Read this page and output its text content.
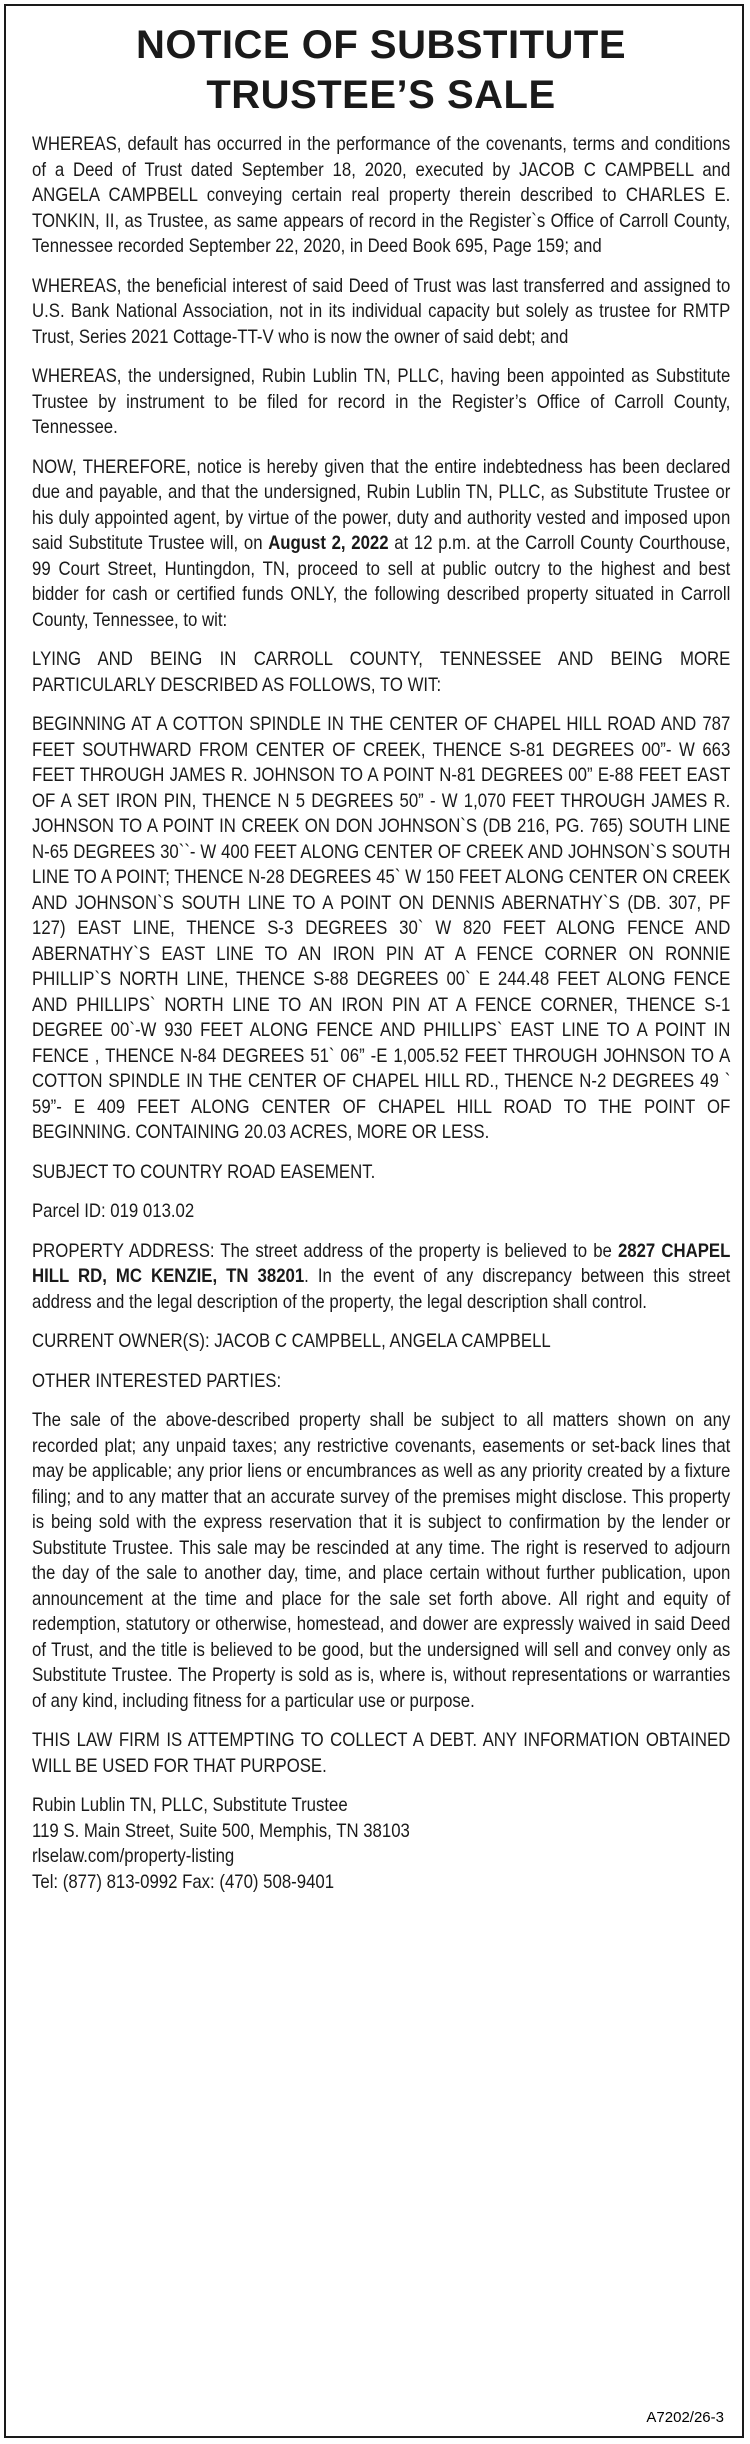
NOTICE OF SUBSTITUTE
TRUSTEE’S SALE

WHEREAS, default has occurred in the performance of the covenants, terms and conditions of a Deed of Trust dated September 18, 2020, executed by JACOB C CAMPBELL and ANGELA CAMPBELL conveying certain real property therein described to CHARLES E. TONKIN, II, as Trustee, as same appears of record in the Register`s Office of Carroll County, Tennessee recorded September 22, 2020, in Deed Book 695, Page 159; and

WHEREAS, the beneficial interest of said Deed of Trust was last transferred and assigned to U.S. Bank National Association, not in its individual capacity but solely as trustee for RMTP Trust, Series 2021 Cottage-TT-V who is now the owner of said debt; and

WHEREAS, the undersigned, Rubin Lublin TN, PLLC, having been appointed as Substitute Trustee by instrument to be filed for record in the Register’s Office of Carroll County, Tennessee.

NOW, THEREFORE, notice is hereby given that the entire indebtedness has been declared due and payable, and that the undersigned, Rubin Lublin TN, PLLC, as Substitute Trustee or his duly appointed agent, by virtue of the power, duty and authority vested and imposed upon said Substitute Trustee will, on August 2, 2022 at 12 p.m. at the Carroll County Courthouse, 99 Court Street, Huntingdon, TN, proceed to sell at public outcry to the highest and best bidder for cash or certified funds ONLY, the following described property situated in Carroll County, Tennessee, to wit:

LYING AND BEING IN CARROLL COUNTY, TENNESSEE AND BEING MORE PARTICULARLY DESCRIBED AS FOLLOWS, TO WIT:

BEGINNING AT A COTTON SPINDLE IN THE CENTER OF CHAPEL HILL ROAD AND 787 FEET SOUTHWARD FROM CENTER OF CREEK, THENCE S-81 DEGREES 00”- W 663 FEET THROUGH JAMES R. JOHNSON TO A POINT N-81 DEGREES 00” E-88 FEET EAST OF A SET IRON PIN, THENCE N 5 DEGREES 50” - W 1,070 FEET THROUGH JAMES R. JOHNSON TO A POINT IN CREEK ON DON JOHNSON`S (DB 216, PG. 765) SOUTH LINE N-65 DEGREES 30``- W 400 FEET ALONG CENTER OF CREEK AND JOHNSON`S SOUTH LINE TO A POINT; THENCE N-28 DEGREES 45` W 150 FEET ALONG CENTER ON CREEK AND JOHNSON`S SOUTH LINE TO A POINT ON DENNIS ABERNATHY`S (DB. 307, PF 127) EAST LINE, THENCE S-3 DEGREES 30` W 820 FEET ALONG FENCE AND ABERNATHY`S EAST LINE TO AN IRON PIN AT A FENCE CORNER ON RONNIE PHILLIP`S NORTH LINE, THENCE S-88 DEGREES 00` E 244.48 FEET ALONG FENCE AND PHILLIPS` NORTH LINE TO AN IRON PIN AT A FENCE CORNER, THENCE S-1 DEGREE 00`-W 930 FEET ALONG FENCE AND PHILLIPS` EAST LINE TO A POINT IN FENCE , THENCE N-84 DEGREES 51` 06” -E 1,005.52 FEET THROUGH JOHNSON TO A COTTON SPINDLE IN THE CENTER OF CHAPEL HILL RD., THENCE N-2 DEGREES 49 ` 59”- E 409 FEET ALONG CENTER OF CHAPEL HILL ROAD TO THE POINT OF BEGINNING. CONTAINING 20.03 ACRES, MORE OR LESS.

SUBJECT TO COUNTRY ROAD EASEMENT.

Parcel ID: 019 013.02

PROPERTY ADDRESS: The street address of the property is believed to be 2827 CHAPEL HILL RD, MC KENZIE, TN 38201. In the event of any discrepancy between this street address and the legal description of the property, the legal description shall control.

CURRENT OWNER(S): JACOB C CAMPBELL, ANGELA CAMPBELL

OTHER INTERESTED PARTIES:

The sale of the above-described property shall be subject to all matters shown on any recorded plat; any unpaid taxes; any restrictive covenants, easements or set-back lines that may be applicable; any prior liens or encumbrances as well as any priority created by a fixture filing; and to any matter that an accurate survey of the premises might disclose. This property is being sold with the express reservation that it is subject to confirmation by the lender or Substitute Trustee. This sale may be rescinded at any time. The right is reserved to adjourn the day of the sale to another day, time, and place certain without further publication, upon announcement at the time and place for the sale set forth above. All right and equity of redemption, statutory or otherwise, homestead, and dower are expressly waived in said Deed of Trust, and the title is believed to be good, but the undersigned will sell and convey only as Substitute Trustee. The Property is sold as is, where is, without representations or warranties of any kind, including fitness for a particular use or purpose.

THIS LAW FIRM IS ATTEMPTING TO COLLECT A DEBT. ANY INFORMATION OBTAINED WILL BE USED FOR THAT PURPOSE.

Rubin Lublin TN, PLLC, Substitute Trustee
119 S. Main Street, Suite 500, Memphis, TN 38103
rlselaw.com/property-listing
Tel: (877) 813-0992 Fax: (470) 508-9401

A7202/26-3
